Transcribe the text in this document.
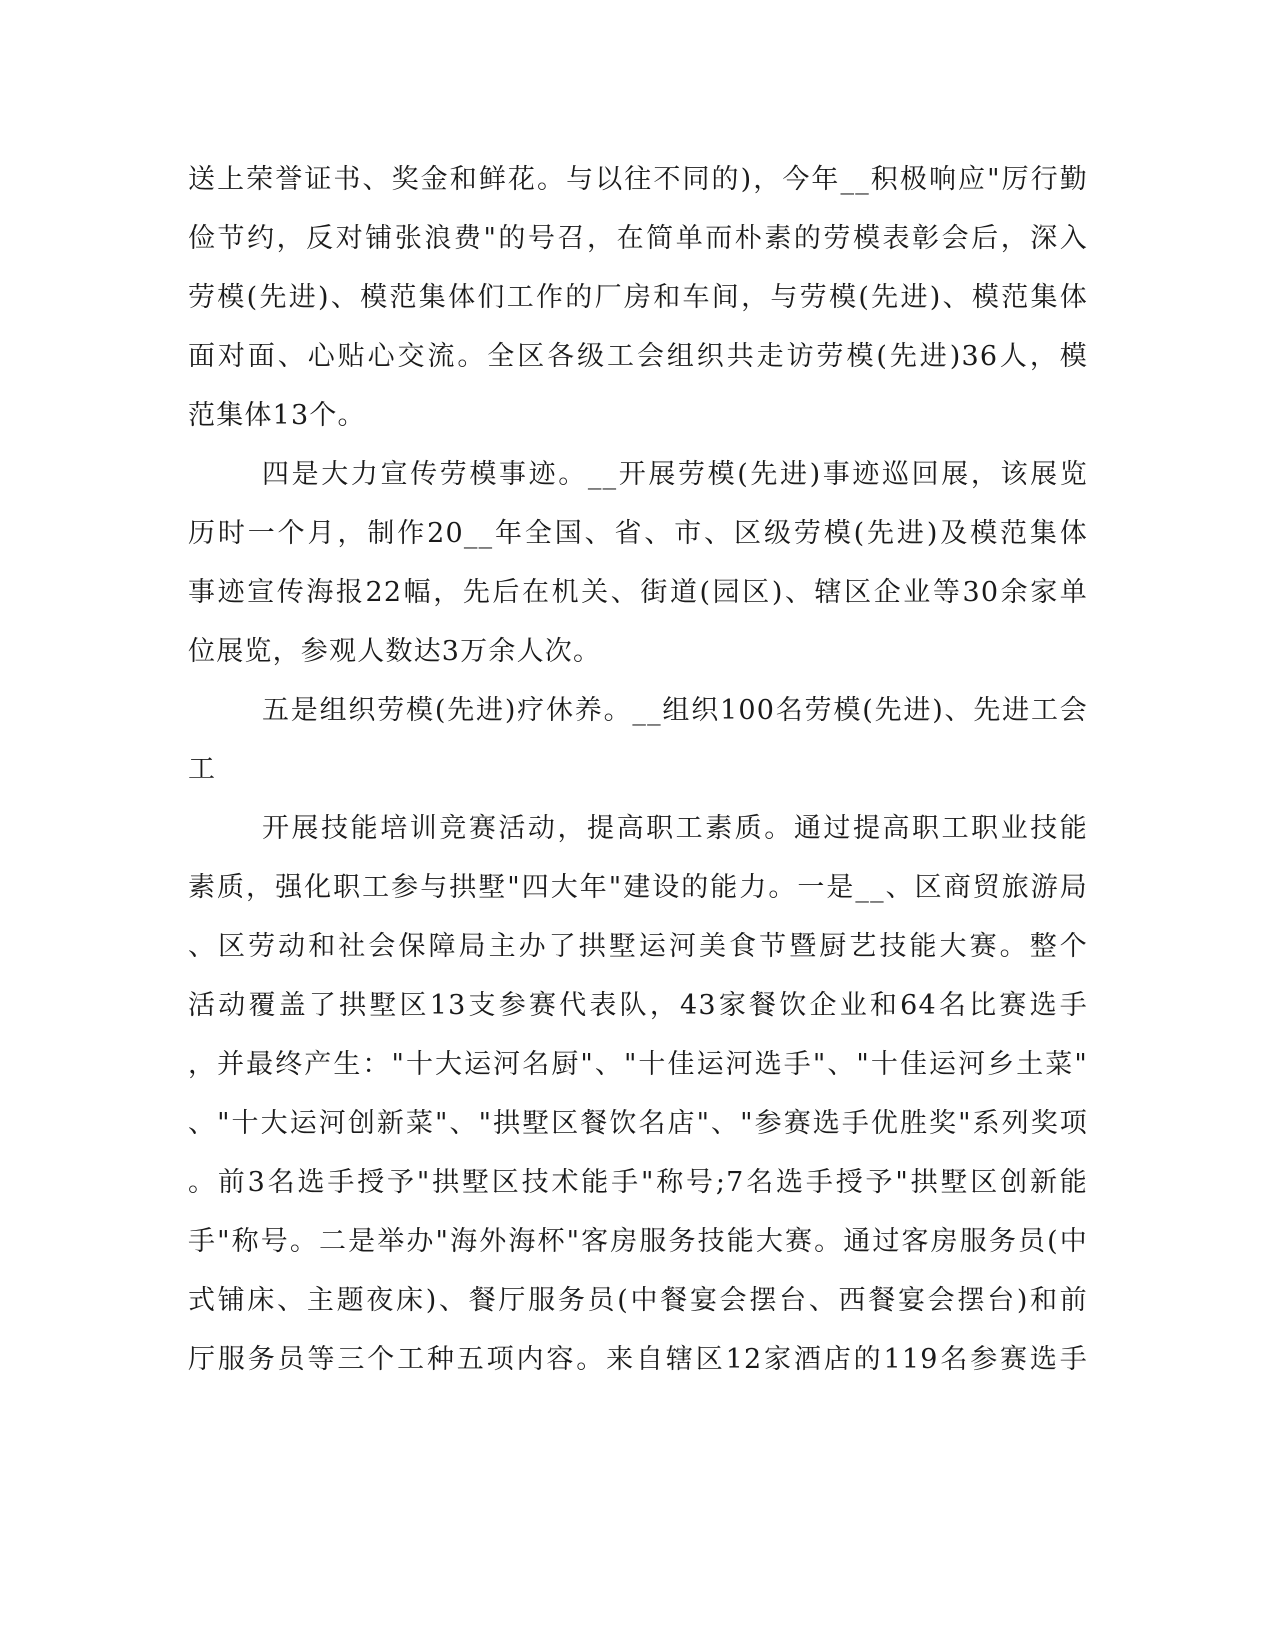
送上荣誉证书、奖金和鲜花。与以往不同的)，今年__积极响应"厉行勤
俭节约，反对铺张浪费"的号召，在简单而朴素的劳模表彰会后，深入
劳模(先进)、模范集体们工作的厂房和车间，与劳模(先进)、模范集体
面对面、心贴心交流。全区各级工会组织共走访劳模(先进)36人，模
范集体13个。
四是大力宣传劳模事迹。__开展劳模(先进)事迹巡回展，该展览
历时一个月，制作20__年全国、省、市、区级劳模(先进)及模范集体
事迹宣传海报22幅，先后在机关、街道(园区)、辖区企业等30余家单
位展览，参观人数达3万余人次。
五是组织劳模(先进)疗休养。__组织100名劳模(先进)、先进工会
工
开展技能培训竞赛活动，提高职工素质。通过提高职工职业技能
素质，强化职工参与拱墅"四大年"建设的能力。一是__、区商贸旅游局
、区劳动和社会保障局主办了拱墅运河美食节暨厨艺技能大赛。整个
活动覆盖了拱墅区13支参赛代表队，43家餐饮企业和64名比赛选手
，并最终产生："十大运河名厨"、"十佳运河选手"、"十佳运河乡土菜"
、"十大运河创新菜"、"拱墅区餐饮名店"、"参赛选手优胜奖"系列奖项
。前3名选手授予"拱墅区技术能手"称号;7名选手授予"拱墅区创新能
手"称号。二是举办"海外海杯"客房服务技能大赛。通过客房服务员(中
式铺床、主题夜床)、餐厅服务员(中餐宴会摆台、西餐宴会摆台)和前
厅服务员等三个工种五项内容。来自辖区12家酒店的119名参赛选手
